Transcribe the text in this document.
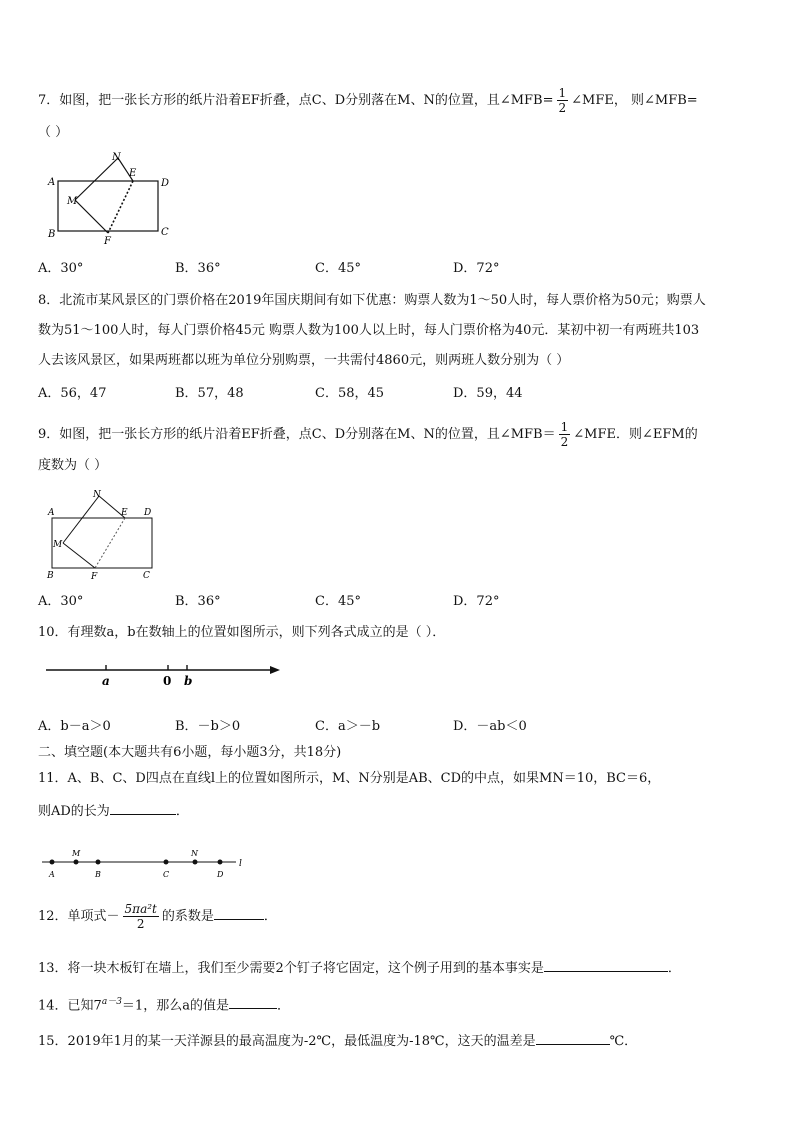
7．如图，把一张长方形的纸片沿着EF折叠，点C、D分别落在M、N的位置，且∠MFB= $\frac{1}{2}$ ∠MFE， 则∠MFB=
（ ）
A
B	C
D
E
F
M
N
A．30°	B．36°	C．45°	D．72°
8．北流市某风景区的门票价格在2019年国庆期间有如下优惠：购票人数为1～50人时，每人票价格为50元；购票人
数为51～100人时，每人门票价格45元 购票人数为100人以上时，每人门票价格为40元．某初中初一有两班共103
人去该风景区，如果两班都以班为单位分别购票，一共需付4860元，则两班人数分别为（ ）
A．56，47	B．57，48	C．58，45	D．59，44
9．如图，把一张长方形的纸片沿着EF折叠，点C、D分别落在M、N的位置，且∠MFB＝ $\frac{1}{2}$ ∠MFE．则∠EFM的
度数为（ ）
A
B	C
D
E
F
M
N
A．30°	B．36°	C．45°	D．72°
10．有理数a，b在数轴上的位置如图所示，则下列各式成立的是（ ）．
a	0 b
A．b－a＞0	B．－b＞0	C．a＞－b	D．－ab＜0
二、填空题(本大题共有6小题，每小题3分，共18分)
11．A、B、C、D四点在直线l上的位置如图所示，M、N分别是AB、CD的中点，如果MN＝10，BC＝6，
则AD的长为	．
A
M
B	C
N
D
l
12．单项式－ $\frac{\text{5πa²t}}{2}$ 的系数是	．
13．将一块木板钉在墙上，我们至少需要2个钉子将它固定，这个例子用到的基本事实是	．
14．已知$7^{a-3}=1$，那么a的值是	．
15．2019年1月的某一天洋源县的最高温度为-2℃，最低温度为-18℃，这天的温差是	℃．
